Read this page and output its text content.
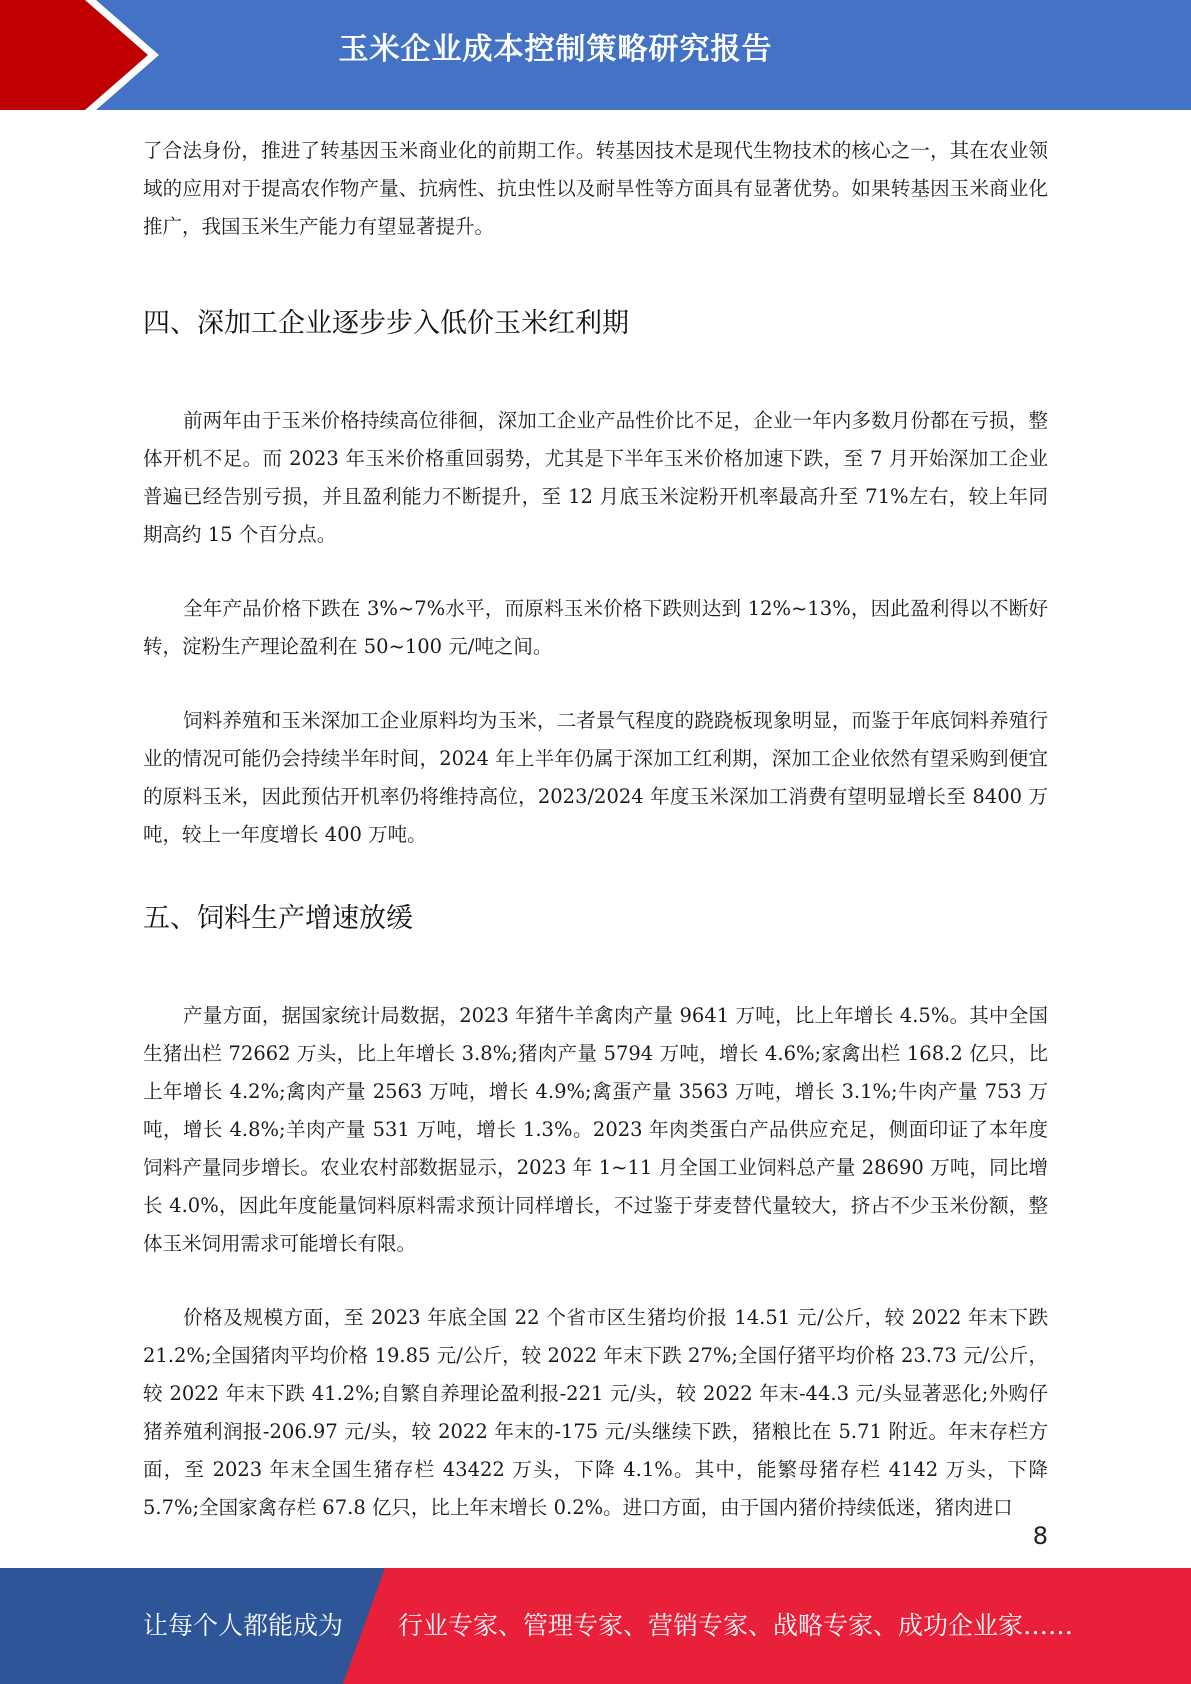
玉米企业成本控制策略研究报告

了合法身份，推进了转基因玉米商业化的前期工作。转基因技术是现代生物技术的核心之一，其在农业领域的应用对于提高农作物产量、抗病性、抗虫性以及耐旱性等方面具有显著优势。如果转基因玉米商业化推广，我国玉米生产能力有望显著提升。

四、深加工企业逐步步入低价玉米红利期

前两年由于玉米价格持续高位徘徊，深加工企业产品性价比不足，企业一年内多数月份都在亏损，整体开机不足。而 2023 年玉米价格重回弱势，尤其是下半年玉米价格加速下跌，至 7 月开始深加工企业普遍已经告别亏损，并且盈利能力不断提升，至 12 月底玉米淀粉开机率最高升至 71%左右，较上年同期高约 15 个百分点。

全年产品价格下跌在 3%~7%水平，而原料玉米价格下跌则达到 12%~13%，因此盈利得以不断好转，淀粉生产理论盈利在 50~100 元/吨之间。

饲料养殖和玉米深加工企业原料均为玉米，二者景气程度的跷跷板现象明显，而鉴于年底饲料养殖行业的情况可能仍会持续半年时间，2024 年上半年仍属于深加工红利期，深加工企业依然有望采购到便宜的原料玉米，因此预估开机率仍将维持高位，2023/2024 年度玉米深加工消费有望明显增长至 8400 万吨，较上一年度增长 400 万吨。

五、饲料生产增速放缓

产量方面，据国家统计局数据，2023 年猪牛羊禽肉产量 9641 万吨，比上年增长 4.5%。其中全国生猪出栏 72662 万头，比上年增长 3.8%;猪肉产量 5794 万吨，增长 4.6%;家禽出栏 168.2 亿只，比上年增长 4.2%;禽肉产量 2563 万吨，增长 4.9%;禽蛋产量 3563 万吨，增长 3.1%;牛肉产量 753 万吨，增长 4.8%;羊肉产量 531 万吨，增长 1.3%。2023 年肉类蛋白产品供应充足，侧面印证了本年度饲料产量同步增长。农业农村部数据显示，2023 年 1~11 月全国工业饲料总产量 28690 万吨，同比增长 4.0%，因此年度能量饲料原料需求预计同样增长，不过鉴于芽麦替代量较大，挤占不少玉米份额，整体玉米饲用需求可能增长有限。

价格及规模方面，至 2023 年底全国 22 个省市区生猪均价报 14.51 元/公斤，较 2022 年末下跌 21.2%;全国猪肉平均价格 19.85 元/公斤，较 2022 年末下跌 27%;全国仔猪平均价格 23.73 元/公斤，较 2022 年末下跌 41.2%;自繁自养理论盈利报-221 元/头，较 2022 年末-44.3 元/头显著恶化;外购仔猪养殖利润报-206.97 元/头，较 2022 年末的-175 元/头继续下跌，猪粮比在 5.71 附近。年末存栏方面，至 2023 年末全国生猪存栏 43422 万头，下降 4.1%。其中，能繁母猪存栏 4142 万头，下降 5.7%;全国家禽存栏 67.8 亿只，比上年末增长 0.2%。进口方面，由于国内猪价持续低迷，猪肉进口

8
让每个人都能成为 行业专家、管理专家、营销专家、战略专家、成功企业家……
